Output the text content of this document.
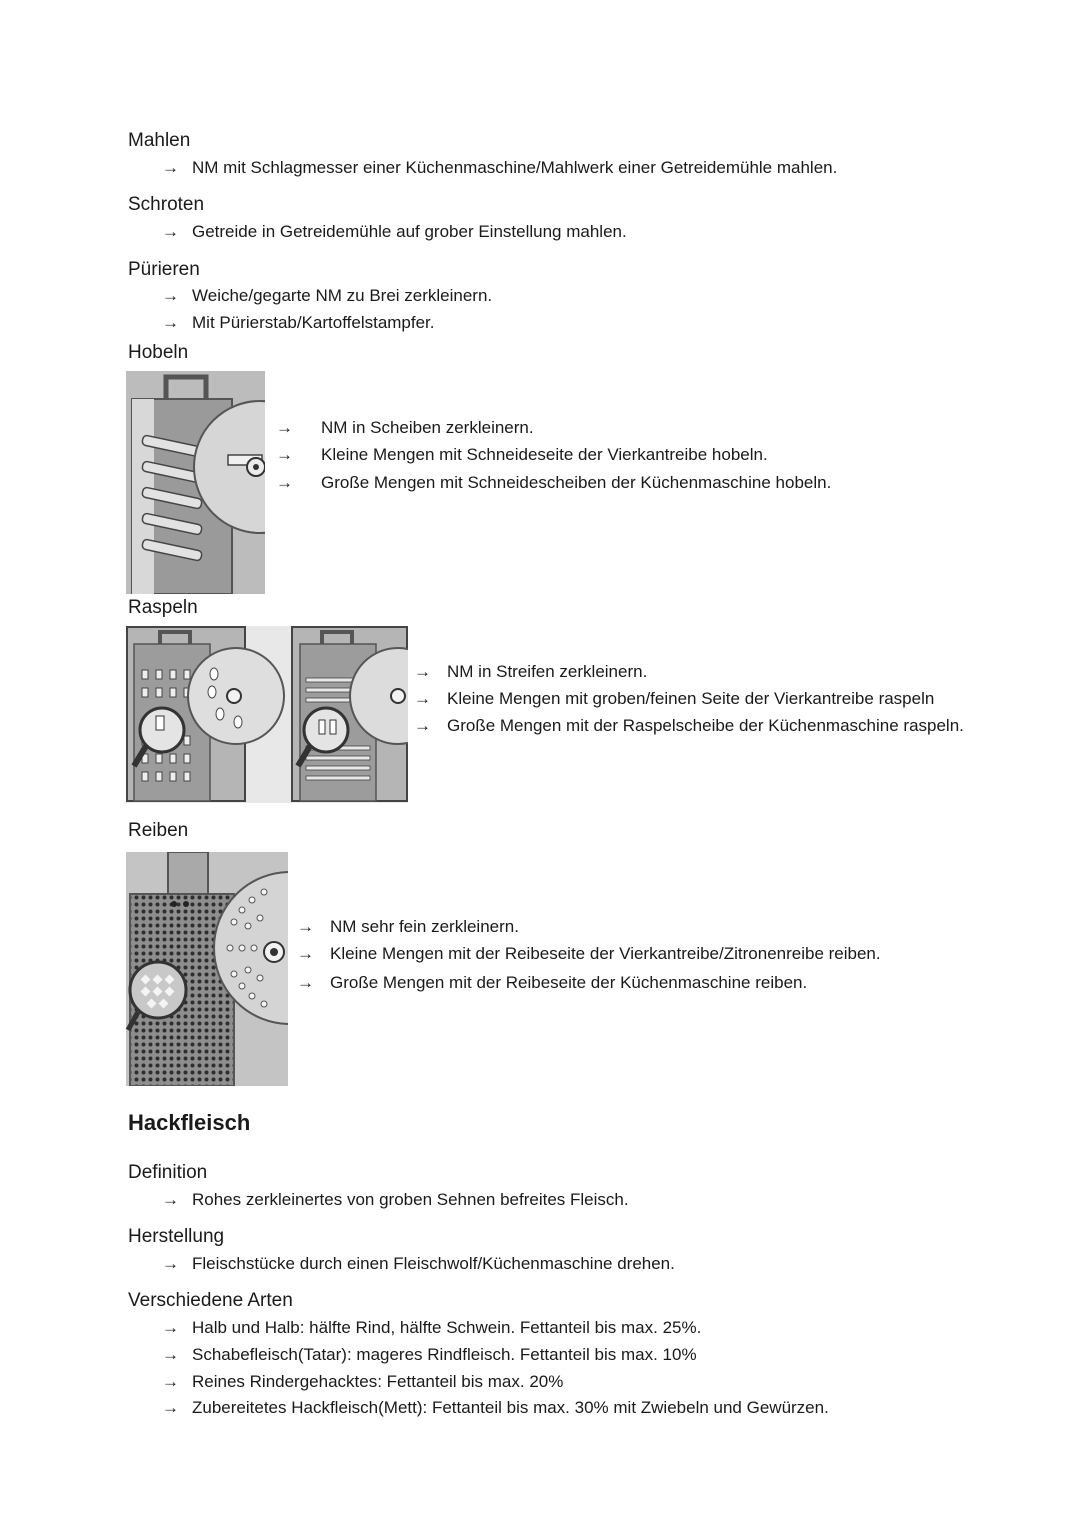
Mahlen
→ NM mit Schlagmesser einer Küchenmaschine/Mahlwerk einer Getreidemühle mahlen.
Schroten
→ Getreide in Getreidemühle auf grober Einstellung mahlen.
Pürieren
→ Weiche/gegarte NM zu Brei zerkleinern.
→ Mit Pürierstab/Kartoffelstampfer.
Hobeln
→	NM in Scheiben zerkleinern.
→	Kleine Mengen mit Schneideseite der Vierkantreibe hobeln.
→	Große Mengen mit Schneidescheiben der Küchenmaschine hobeln.
Raspeln
→ NM in Streifen zerkleinern.
→ Kleine Mengen mit groben/feinen Seite der Vierkantreibe raspeln
→ Große Mengen mit der Raspelscheibe der Küchenmaschine raspeln.
Reiben
→ NM sehr fein zerkleinern.
→ Kleine Mengen mit der Reibeseite der Vierkantreibe/Zitronenreibe reiben.
→ Große Mengen mit der Reibeseite der Küchenmaschine reiben.
Hackfleisch
Definition
→ Rohes zerkleinertes von groben Sehnen befreites Fleisch.
Herstellung
→ Fleischstücke durch einen Fleischwolf/Küchenmaschine drehen.
Verschiedene Arten
→ Halb und Halb: hälfte Rind, hälfte Schwein. Fettanteil bis max. 25%.
→ Schabefleisch(Tatar): mageres Rindfleisch. Fettanteil bis max. 10%
→ Reines Rindergehacktes: Fettanteil bis max. 20%
→ Zubereitetes Hackfleisch(Mett): Fettanteil bis max. 30% mit Zwiebeln und Gewürzen.
